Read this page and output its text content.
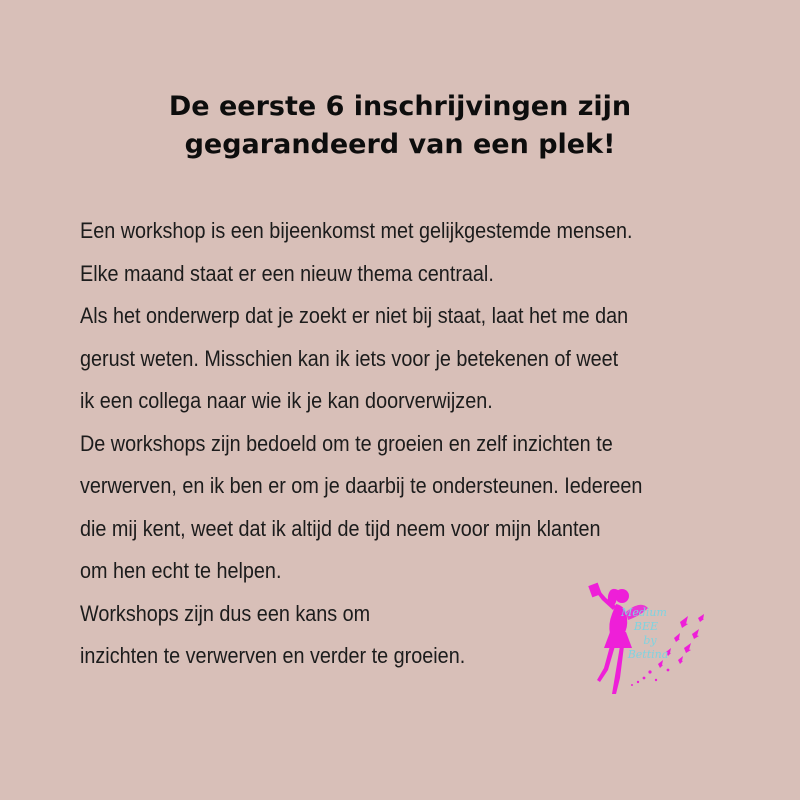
De eerste 6 inschrijvingen zijn
gegarandeerd van een plek!
Een workshop is een bijeenkomst met gelijkgestemde mensen.
Elke maand staat er een nieuw thema centraal.
Als het onderwerp dat je zoekt er niet bij staat, laat het me dan
gerust weten. Misschien kan ik iets voor je betekenen of weet
ik een collega naar wie ik je kan doorverwijzen.
De workshops zijn bedoeld om te groeien en zelf inzichten te
verwerven, en ik ben er om je daarbij te ondersteunen. Iedereen
die mij kent, weet dat ik altijd de tijd neem voor mijn klanten
om hen echt te helpen.
Workshops zijn dus een kans om
inzichten te verwerven en verder te groeien.
Medium
BEE
by
Bettina
